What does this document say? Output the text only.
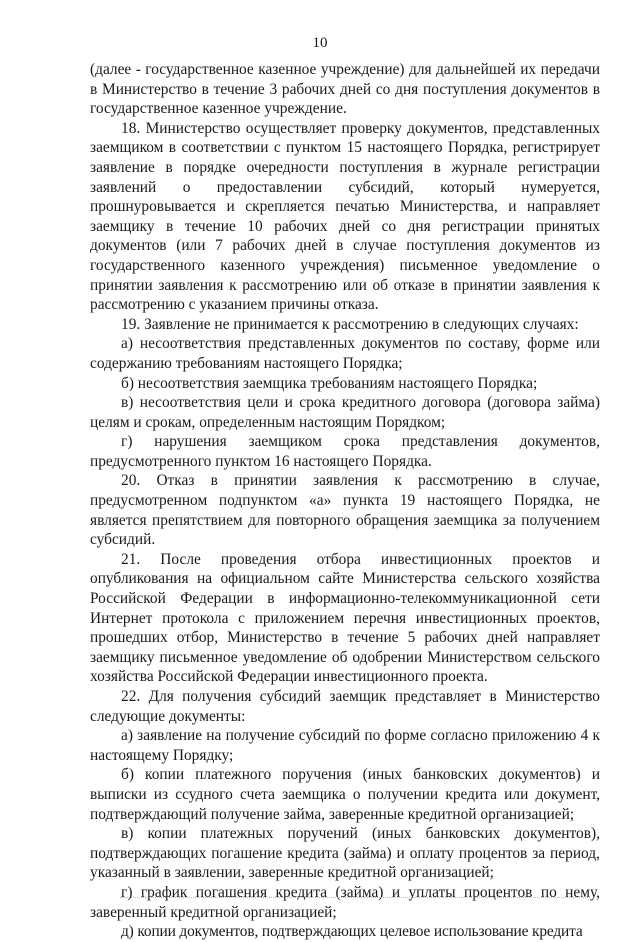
10

(далее - государственное казенное учреждение) для дальнейшей их передачи в Министерство в течение 3 рабочих дней со дня поступления документов в государственное казенное учреждение.

18. Министерство осуществляет проверку документов, представленных заемщиком в соответствии с пунктом 15 настоящего Порядка, регистрирует заявление в порядке очередности поступления в журнале регистрации заявлений о предоставлении субсидий, который нумеруется, прошнуровывается и скрепляется печатью Министерства, и направляет заемщику в течение 10 рабочих дней со дня регистрации принятых документов (или 7 рабочих дней в случае поступления документов из государственного казенного учреждения) письменное уведомление о принятии заявления к рассмотрению или об отказе в принятии заявления к рассмотрению с указанием причины отказа.

19. Заявление не принимается к рассмотрению в следующих случаях:

а) несоответствия представленных документов по составу, форме или содержанию требованиям настоящего Порядка;

б) несоответствия заемщика требованиям настоящего Порядка;

в) несоответствия цели и срока кредитного договора (договора займа) целям и срокам, определенным настоящим Порядком;

г) нарушения заемщиком срока представления документов, предусмотренного пунктом 16 настоящего Порядка.

20. Отказ в принятии заявления к рассмотрению в случае, предусмотренном подпунктом «а» пункта 19 настоящего Порядка, не является препятствием для повторного обращения заемщика за получением субсидий.

21. После проведения отбора инвестиционных проектов и опубликования на официальном сайте Министерства сельского хозяйства Российской Федерации в информационно-телекоммуникационной сети Интернет протокола с приложением перечня инвестиционных проектов, прошедших отбор, Министерство в течение 5 рабочих дней направляет заемщику письменное уведомление об одобрении Министерством сельского хозяйства Российской Федерации инвестиционного проекта.

22. Для получения субсидий заемщик представляет в Министерство следующие документы:

а) заявление на получение субсидий по форме согласно приложению 4 к настоящему Порядку;

б) копии платежного поручения (иных банковских документов) и выписки из ссудного счета заемщика о получении кредита или документ, подтверждающий получение займа, заверенные кредитной организацией;

в) копии платежных поручений (иных банковских документов), подтверждающих погашение кредита (займа) и оплату процентов за период, указанный в заявлении, заверенные кредитной организацией;

г) график погашения кредита (займа) и уплаты процентов по нему, заверенный кредитной организацией;

д) копии документов, подтверждающих целевое использование кредита
